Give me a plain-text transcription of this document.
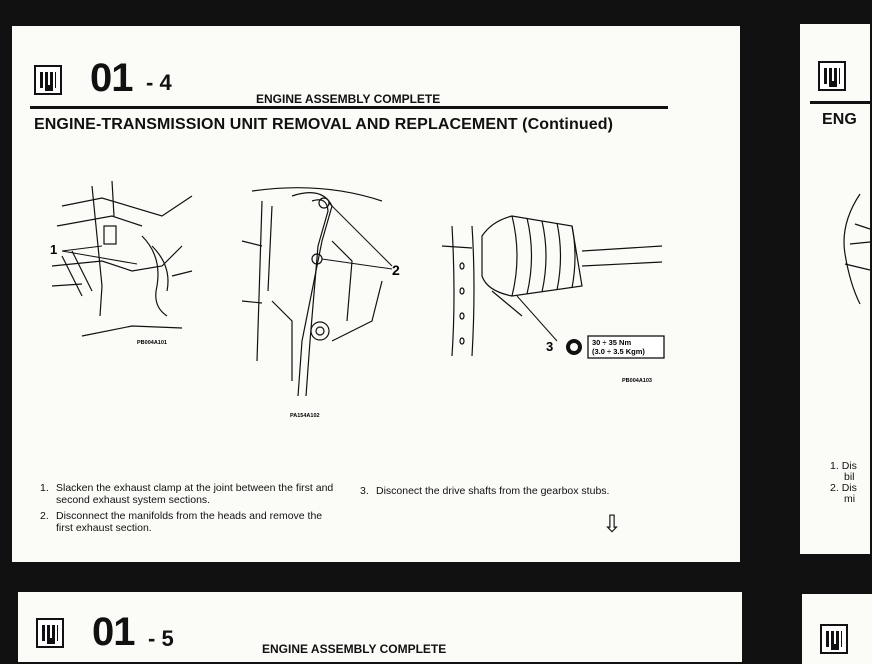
01 - 4
ENGINE ASSEMBLY COMPLETE
ENGINE-TRANSMISSION UNIT REMOVAL AND REPLACEMENT (Continued)
1
PB004A101
2
PA154A102
3	30 ÷ 35 Nm
(3.0 ÷ 3.5 Kgm)
PB004A103
1. Slacken the exhaust clamp at the joint between the first and second exhaust system sections.
2. Disconnect the manifolds from the heads and remove the first exhaust section.
3. Disconect the drive shafts from the gearbox stubs.
⇩
ENG
1. Dis
bil
2. Dis
mi
01 - 5	ENGINE ASSEMBLY COMPLETE
